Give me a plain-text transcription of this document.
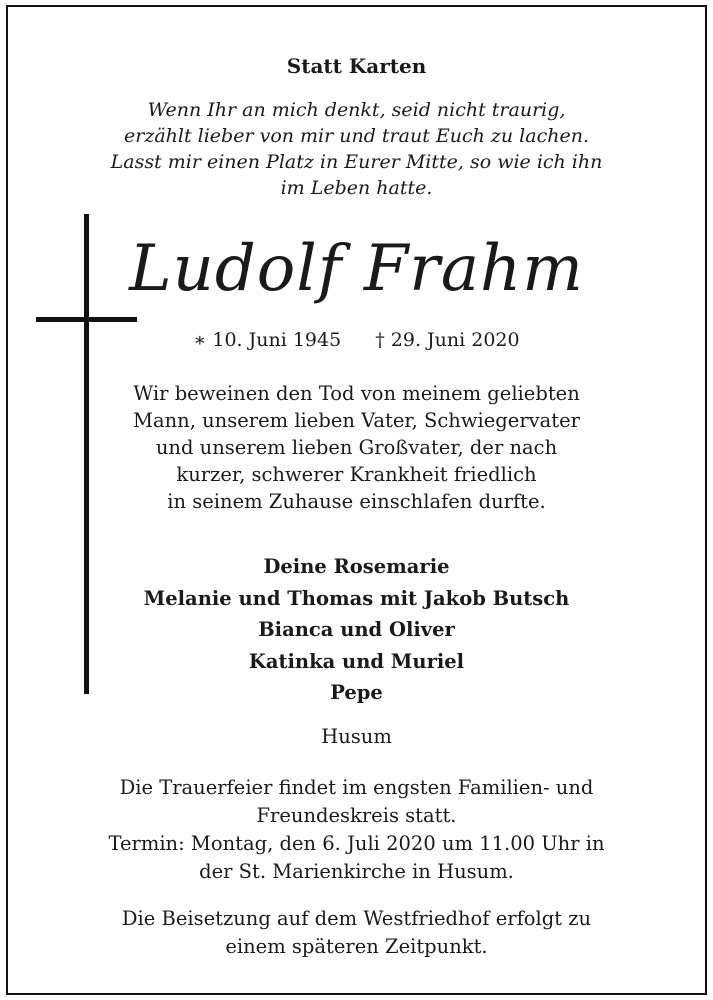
Statt Karten
Wenn Ihr an mich denkt, seid nicht traurig,
erzählt lieber von mir und traut Euch zu lachen.
Lasst mir einen Platz in Eurer Mitte, so wie ich ihn
im Leben hatte.
Ludolf Frahm
∗ 10. Juni 1945 † 29. Juni 2020
Wir beweinen den Tod von meinem geliebten
Mann, unserem lieben Vater, Schwiegervater
und unserem lieben Großvater, der nach
kurzer, schwerer Krankheit friedlich
in seinem Zuhause einschlafen durfte.
Deine Rosemarie
Melanie und Thomas mit Jakob Butsch
Bianca und Oliver
Katinka und Muriel
Pepe
Husum
Die Trauerfeier findet im engsten Familien- und
Freundeskreis statt.
Termin: Montag, den 6. Juli 2020 um 11.00 Uhr in
der St. Marienkirche in Husum.
Die Beisetzung auf dem Westfriedhof erfolgt zu
einem späteren Zeitpunkt.
